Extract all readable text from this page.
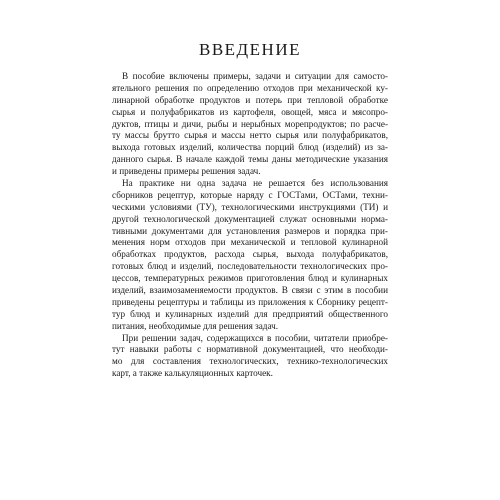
ВВЕДЕНИЕ
В пособие включены примеры, задачи и ситуации для самосто-
ятельного решения по определению отходов при механической ку-
линарной обработке продуктов и потерь при тепловой обработке
сырья и полуфабрикатов из картофеля, овощей, мяса и мясопро-
дуктов, птицы и дичи, рыбы и нерыбных морепродуктов; по расче-
ту массы брутто сырья и массы нетто сырья или полуфабрикатов,
выхода готовых изделий, количества порций блюд (изделий) из за-
данного сырья. В начале каждой темы даны методические указания
и приведены примеры решения задач.
На практике ни одна задача не решается без использования
сборников рецептур, которые наряду с ГОСТами, ОСТами, техни-
ческими условиями (ТУ), технологическими инструкциями (ТИ) и
другой технологической документацией служат основными норма-
тивными документами для установления размеров и порядка при-
менения норм отходов при механической и тепловой кулинарной
обработках продуктов, расхода сырья, выхода полуфабрикатов,
готовых блюд и изделий, последовательности технологических про-
цессов, температурных режимов приготовления блюд и кулинарных
изделий, взаимозаменяемости продуктов. В связи с этим в пособии
приведены рецептуры и таблицы из приложения к Сборнику рецепт-
тур блюд и кулинарных изделий для предприятий общественного
питания, необходимые для решения задач.
При решении задач, содержащихся в пособии, читатели приобре-
тут навыки работы с нормативной документацией, что необходи-
мо для составления технологических, технико-технологических
карт, а также калькуляционных карточек.
